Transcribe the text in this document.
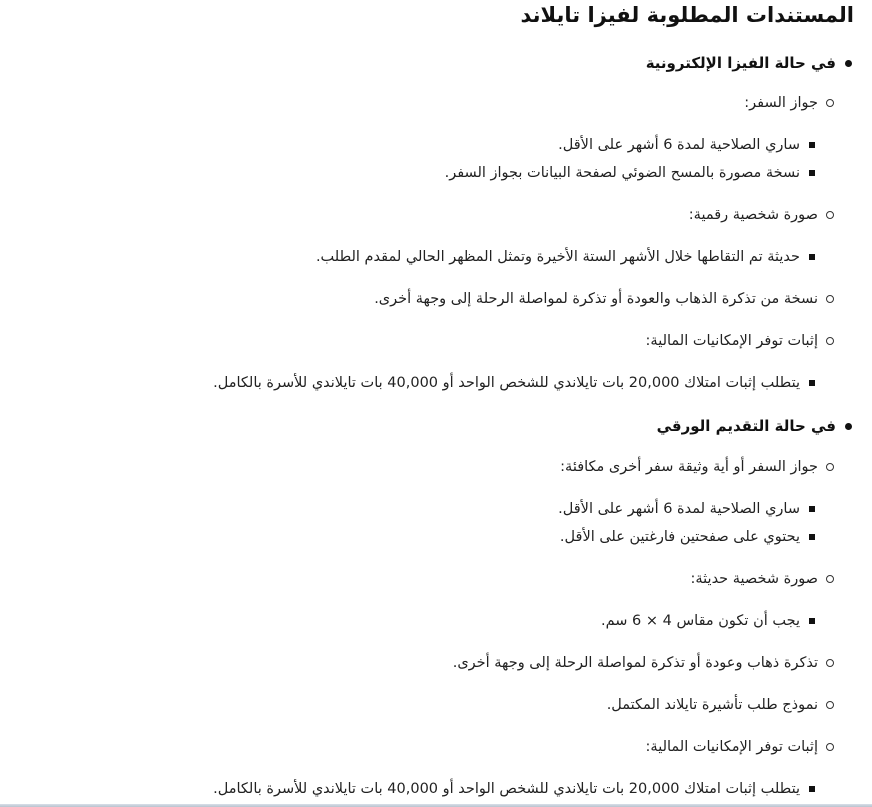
المستندات المطلوبة لفيزا تايلاند
في حالة الفيزا الإلكترونية
جواز السفر:
ساري الصلاحية لمدة 6 أشهر على الأقل.
نسخة مصورة بالمسح الضوئي لصفحة البيانات بجواز السفر.
صورة شخصية رقمية:
حديثة تم التقاطها خلال الأشهر الستة الأخيرة وتمثل المظهر الحالي لمقدم الطلب.
نسخة من تذكرة الذهاب والعودة أو تذكرة لمواصلة الرحلة إلى وجهة أخرى.
إثبات توفر الإمكانيات المالية:
يتطلب إثبات امتلاك 20,000 بات تايلاندي للشخص الواحد أو 40,000 بات تايلاندي للأسرة بالكامل.
في حالة التقديم الورقي
جواز السفر أو أية وثيقة سفر أخرى مكافئة:
ساري الصلاحية لمدة 6 أشهر على الأقل.
يحتوي على صفحتين فارغتين على الأقل.
صورة شخصية حديثة:
يجب أن تكون مقاس 4 × 6 سم.
تذكرة ذهاب وعودة أو تذكرة لمواصلة الرحلة إلى وجهة أخرى.
نموذج طلب تأشيرة تايلاند المكتمل.
إثبات توفر الإمكانيات المالية:
يتطلب إثبات امتلاك 20,000 بات تايلاندي للشخص الواحد أو 40,000 بات تايلاندي للأسرة بالكامل.
